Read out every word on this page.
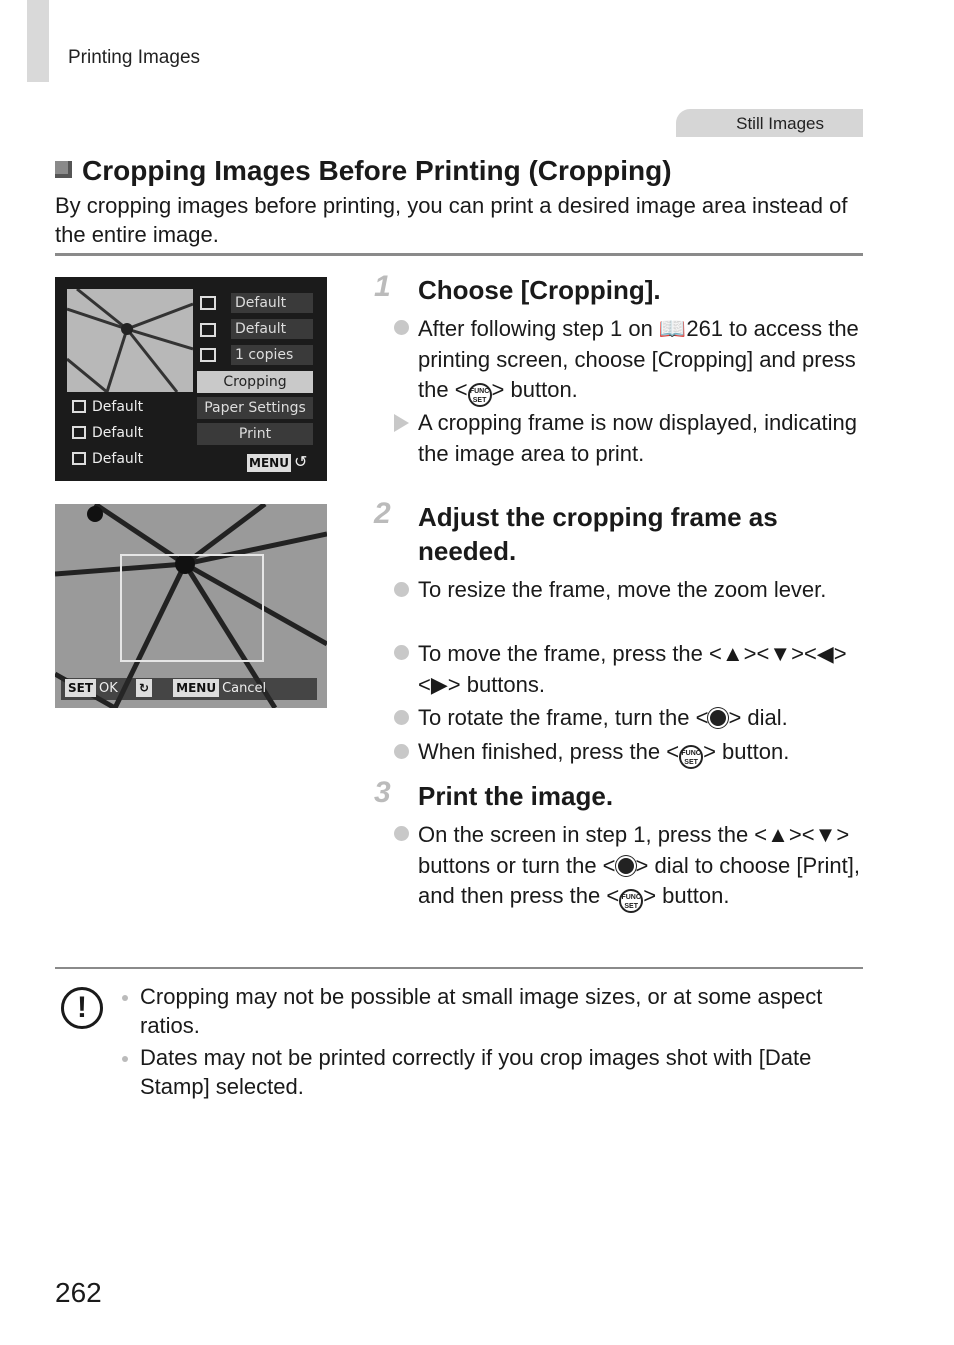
Printing Images
Still Images
Cropping Images Before Printing (Cropping)
By cropping images before printing, you can print a desired image area instead of the entire image.
Default
Default
1 copies
Cropping
Paper Settings
Print
Default
Default
Default	MENU ↺
SET OK ↻ MENU Cancel
1 Choose [Cropping].
After following step 1 on 📖261 to access the printing screen, choose [Cropping] and press the < FUNC
SET > button.
A cropping frame is now displayed, indicating the image area to print.
2 Adjust the cropping frame as needed.
To resize the frame, move the zoom lever.
To move the frame, press the <▲><▼><◀><▶> buttons.
To rotate the frame, turn the < > dial.
When finished, press the < FUNC
SET > button.
3 Print the image.
On the screen in step 1, press the <▲><▼> buttons or turn the < > dial to choose [Print], and then press the < FUNC
SET > button.
!	Cropping may not be possible at small image sizes, or at some aspect ratios.
Dates may not be printed correctly if you crop images shot with [Date Stamp] selected.
262
